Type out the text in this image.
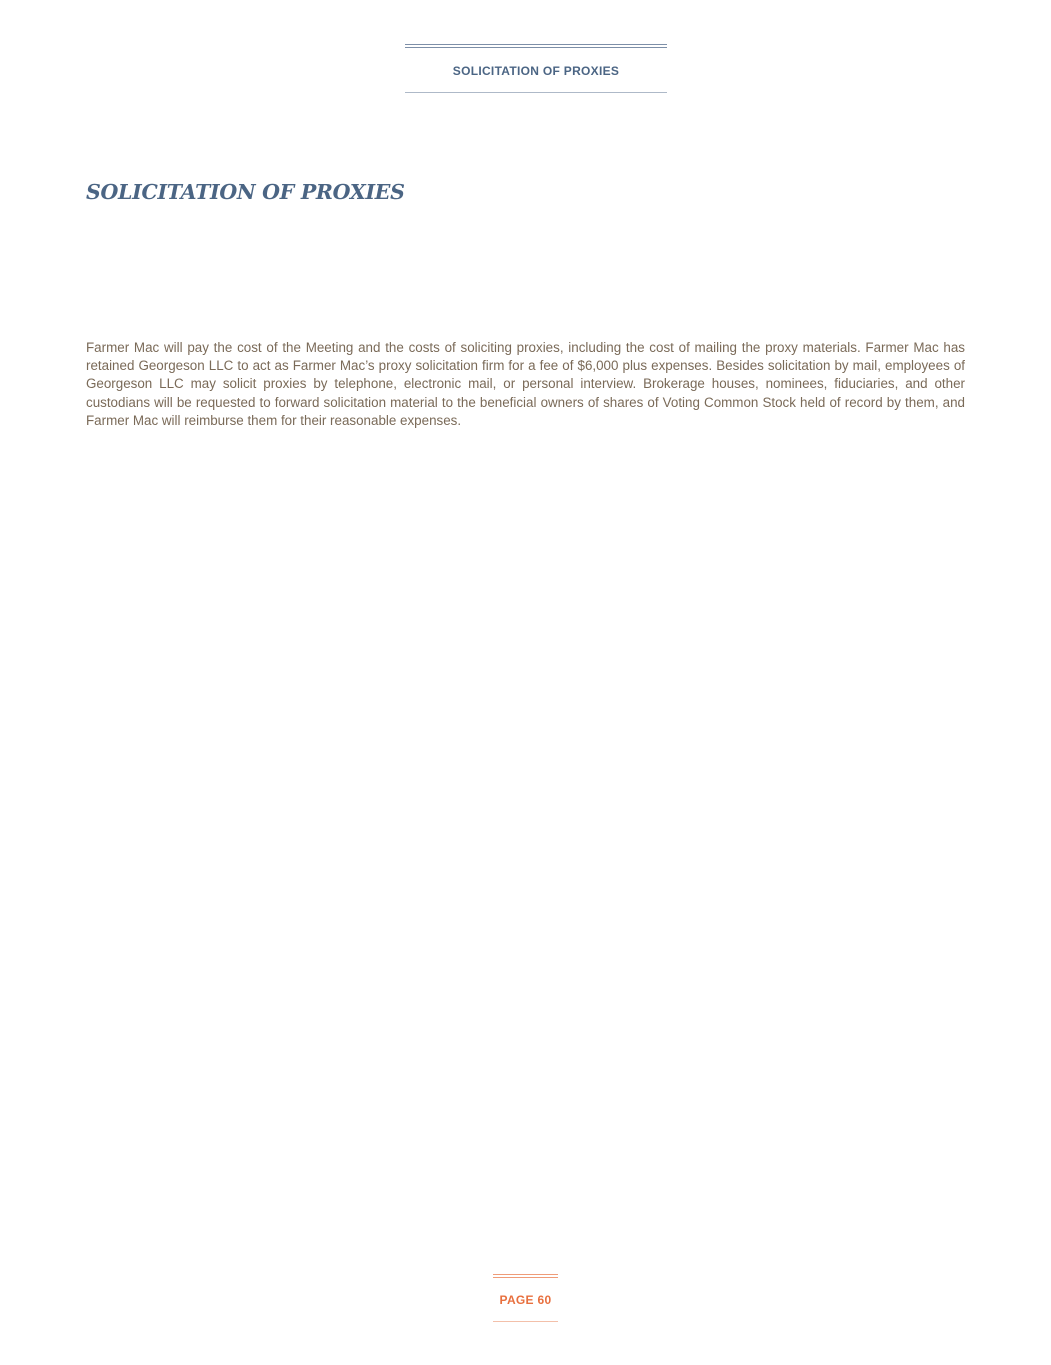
SOLICITATION OF PROXIES
SOLICITATION OF PROXIES

Farmer Mac will pay the cost of the Meeting and the costs of soliciting proxies, including the cost of mailing the proxy materials. Farmer Mac has retained Georgeson LLC to act as Farmer Mac’s proxy solicitation firm for a fee of $6,000 plus expenses. Besides solicitation by mail, employees of Georgeson LLC may solicit proxies by telephone, electronic mail, or personal interview. Brokerage houses, nominees, fiduciaries, and other custodians will be requested to forward solicitation material to the beneficial owners of shares of Voting Common Stock held of record by them, and Farmer Mac will reimburse them for their reasonable expenses.

PAGE 60
